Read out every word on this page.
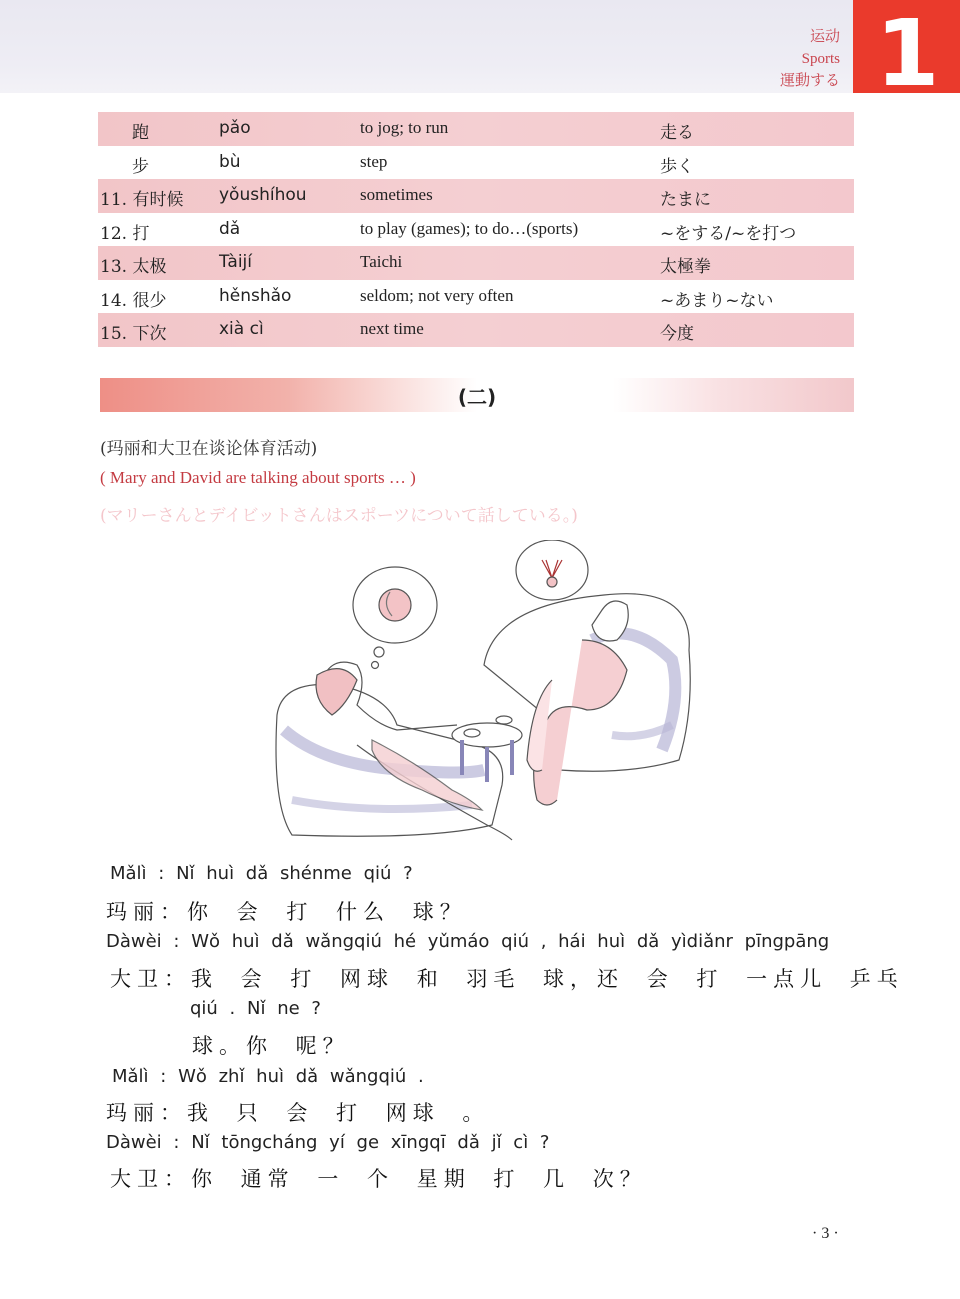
运动
Sports
運動する 1
跑	pǎo	to jog; to run	走る
步	bù	step	歩く
11. 有时候 yǒushíhou	sometimes	たまに
12. 打	dǎ	to play (games); to do…(sports)	~をする/~を打つ
13. 太极	Tàijí	Taichi	太極拳
14. 很少	hěnshǎo	seldom; not very often	~あまり~ない
15. 下次	xià cì	next time	今度
(二)
(玛丽和大卫在谈论体育活动)
( Mary and David are talking about sports … )
(マリーさんとデイビットさんはスポーツについて話している。)
Mǎlì : Nǐ huì dǎ shénme qiú ?
玛丽：你 会 打 什么 球？
Dàwèi : Wǒ huì dǎ wǎngqiú hé yǔmáo qiú , hái huì dǎ yìdiǎnr pīngpāng
大卫：我 会 打 网球 和 羽毛 球，还 会 打 一点儿 乒乓
qiú . Nǐ ne ?
球。你 呢？
Mǎlì : Wǒ zhǐ huì dǎ wǎngqiú .
玛丽：我 只 会 打 网球 。
Dàwèi : Nǐ tōngcháng yí ge xīngqī dǎ jǐ cì ?
大卫：你 通常 一 个 星期 打 几 次？
· 3 ·
